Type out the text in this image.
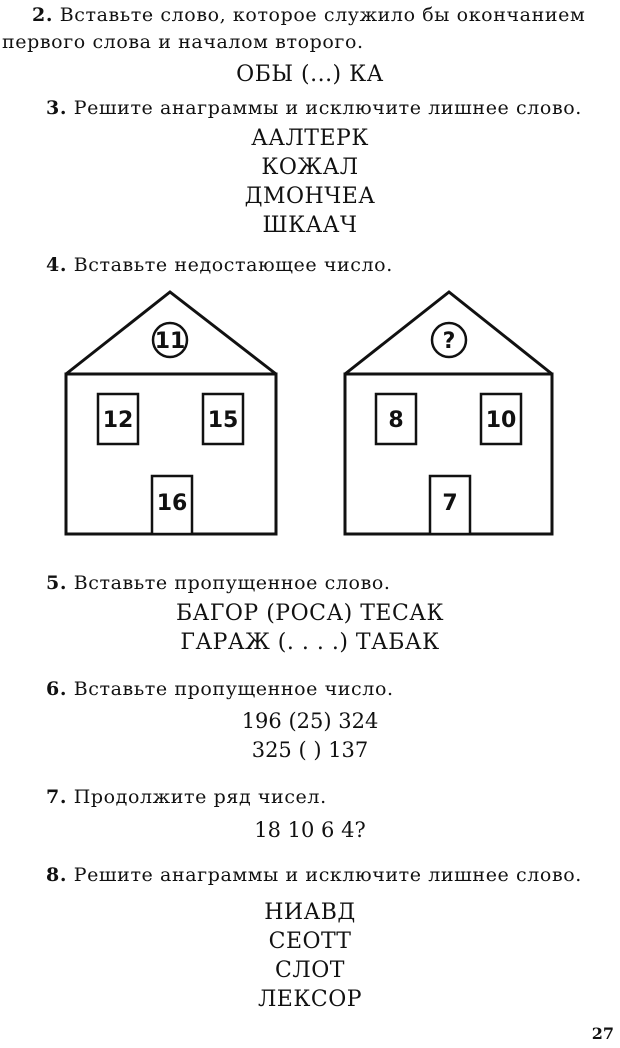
2. Вставьте слово, которое служило бы окончанием
первого слова и началом второго.
ОБЫ (...) КА
3. Решите анаграммы и исключите лишнее слово.
ААЛТЕРК
КОЖАЛ
ДМОНЧЕА
ШКААЧ
4. Вставьте недостающее число.
11
12	15
16
?
8	10
7
5. Вставьте пропущенное слово.
БАГОР (РОСА) ТЕСАК
ГАРАЖ (. . . .) ТАБАК
6. Вставьте пропущенное число.
196 (25) 324
325 ( ) 137
7. Продолжите ряд чисел.
18 10 6 4?
8. Решите анаграммы и исключите лишнее слово.
НИАВД
СЕОТТ
СЛОТ
ЛЕКСОР
27
